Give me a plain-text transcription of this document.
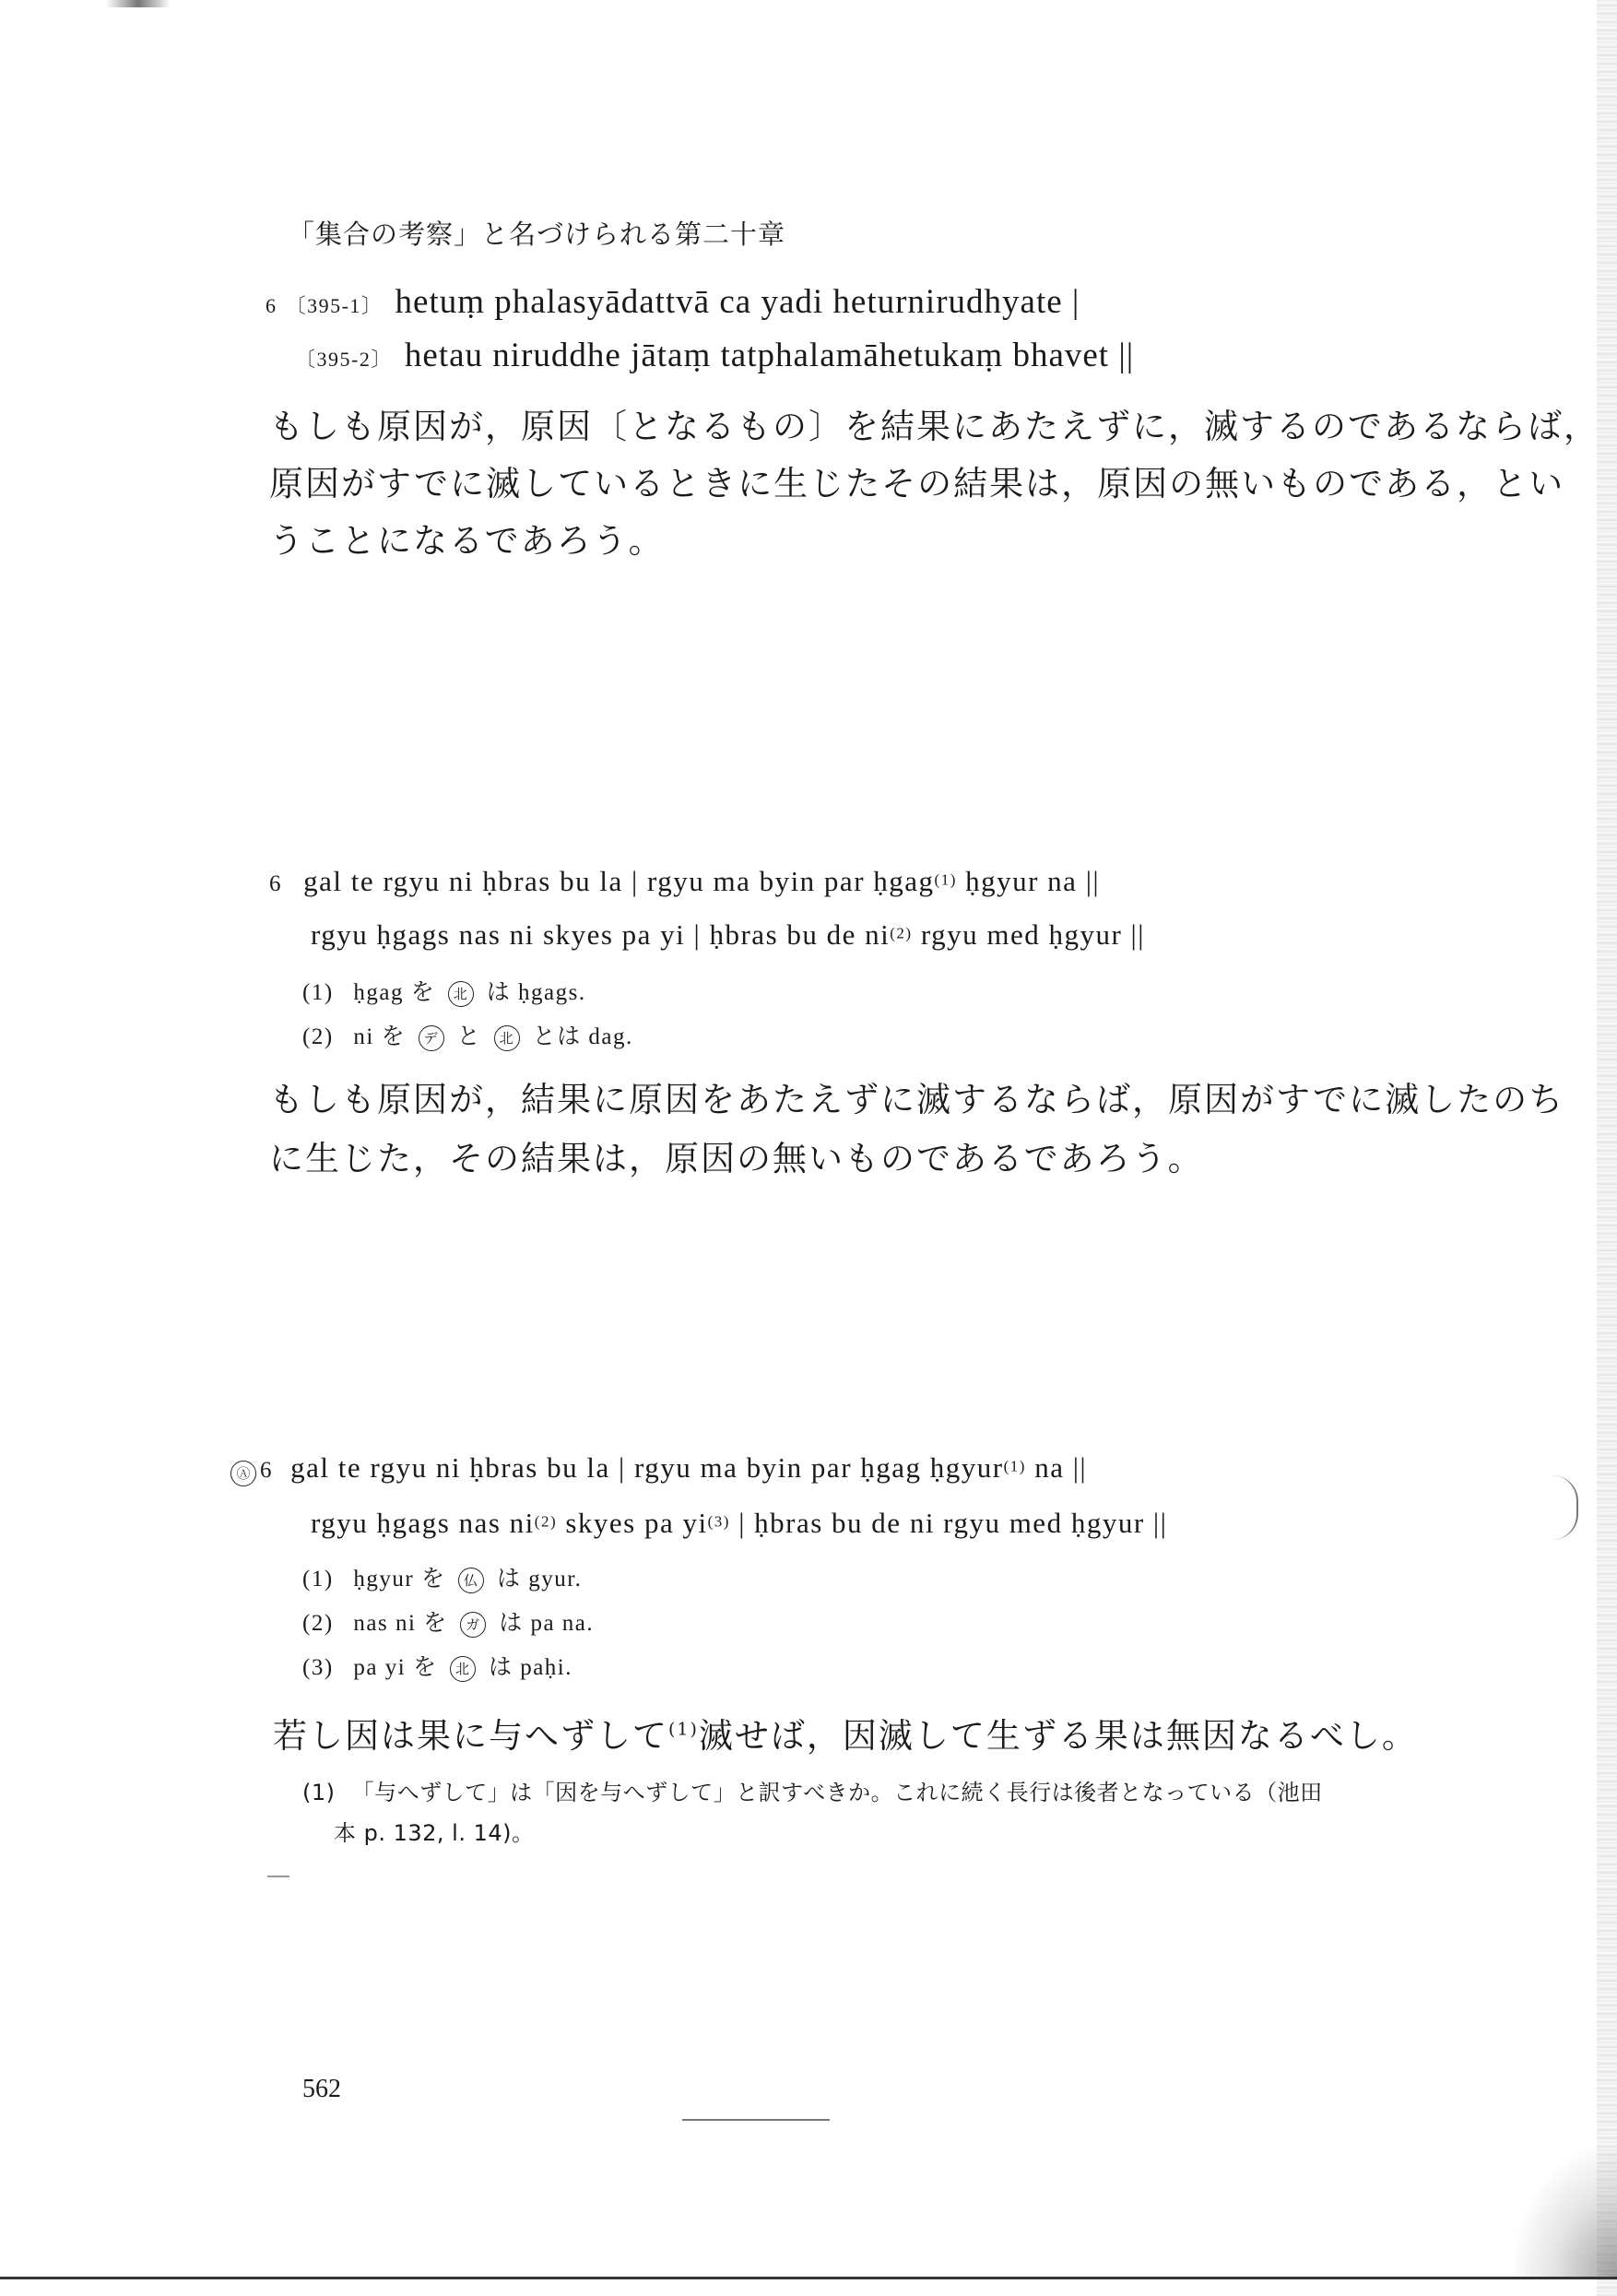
「集合の考察」と名づけられる第二十章
6 〔395-1〕 hetuṃ phalasyādattvā ca yadi heturnirudhyate |
〔395-2〕 hetau niruddhe jātaṃ tatphalamāhetukaṃ bhavet ||
もしも原因が，原因〔となるもの〕を結果にあたえずに，滅するのであるならば，
原因がすでに滅しているときに生じたその結果は，原因の無いものである，とい
うことになるであろう。
6 gal te rgyu ni ḥbras bu la | rgyu ma byin par ḥgag(1) ḥgyur na ||
rgyu ḥgags nas ni skyes pa yi | ḥbras bu de ni(2) rgyu med ḥgyur ||
(1) ḥgag を 北 は ḥgags.
(2) ni を デ と 北 とは dag.
もしも原因が，結果に原因をあたえずに滅するならば，原因がすでに滅したのち
に生じた，その結果は，原因の無いものであるであろう。
Ⓐ 6 gal te rgyu ni ḥbras bu la | rgyu ma byin par ḥgag ḥgyur(1) na ||
rgyu ḥgags nas ni(2) skyes pa yi(3) | ḥbras bu de ni rgyu med ḥgyur ||
(1) ḥgyur を 仏 は gyur.
(2) nas ni を ガ は pa na.
(3) pa yi を 北 は paḥi.
若し因は果に与へずして$^{(1)}$滅せば，因滅して生ずる果は無因なるべし。
(1) 「与へずして」は「因を与へずして」と訳すべきか。これに続く長行は後者となっている（池田
本 p. 132, l. 14)。
562
